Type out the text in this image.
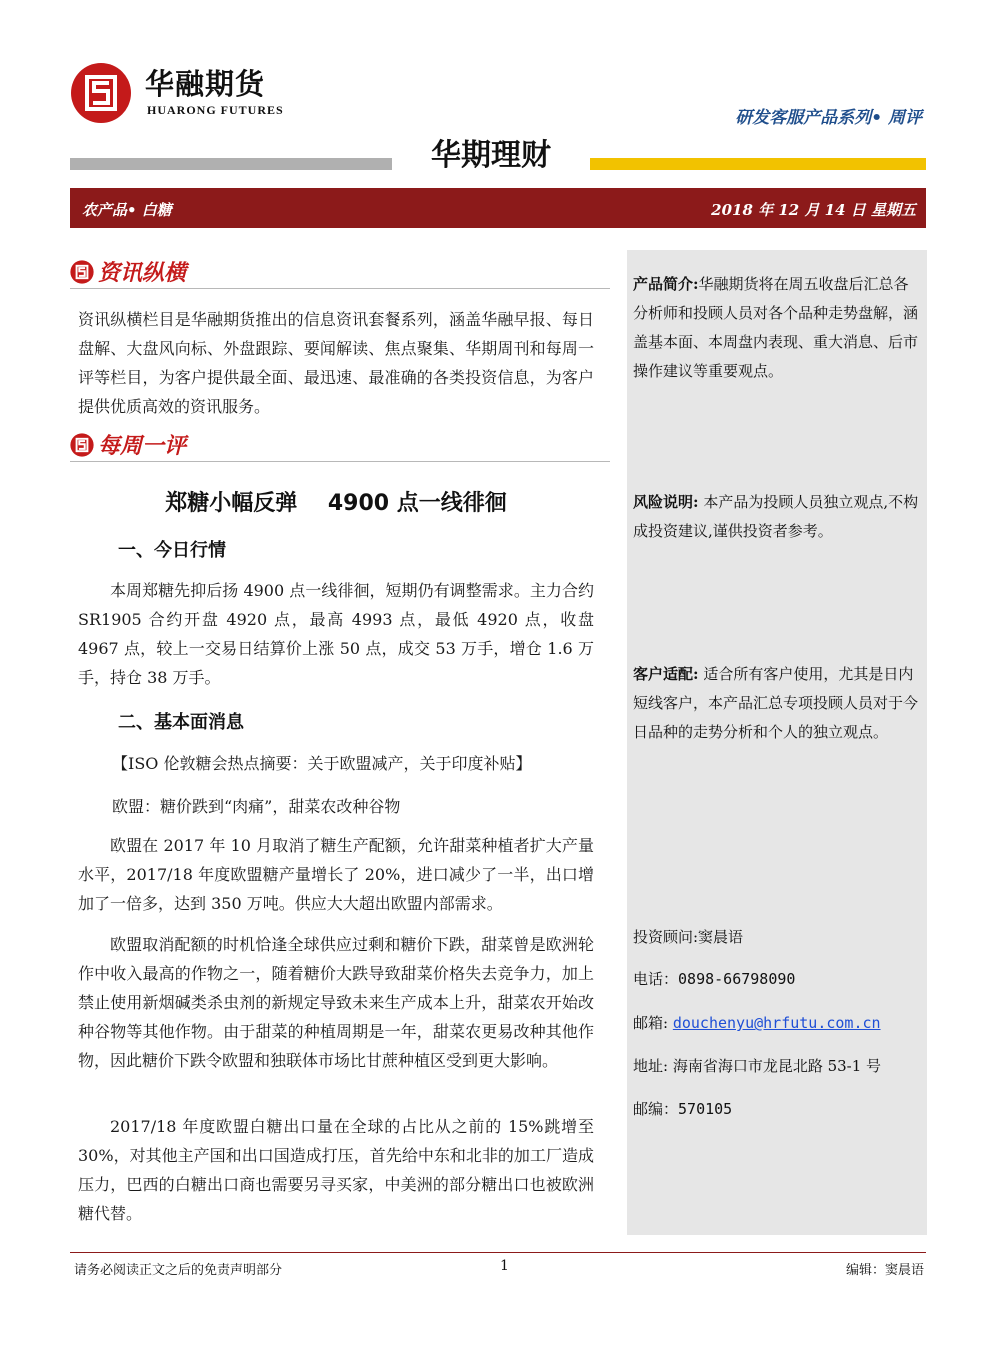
华融期货
HUARONG FUTURES	研发客服产品系列• 周评
华期理财
农产品• 白糖	2018 年 12 月 14 日 星期五
产品简介:华融期货将在周五收盘后汇总各分析师和投顾人员对各个品种走势盘解，涵盖基本面、本周盘内表现、重大消息、后市操作建议等重要观点。
风险说明: 本产品为投顾人员独立观点,不构成投资建议,谨供投资者参考。
客户适配: 适合所有客户使用，尤其是日内短线客户，本产品汇总专项投顾人员对于今日品种的走势分析和个人的独立观点。
投资顾问:窦晨语
电话：0898-66798090
邮箱: douchenyu@hrfutu.com.cn
地址: 海南省海口市龙昆北路 53-1 号
邮编：570105
资讯纵横
资讯纵横栏目是华融期货推出的信息资讯套餐系列，涵盖华融早报、每日盘解、大盘风向标、外盘跟踪、要闻解读、焦点聚集、华期周刊和每周一评等栏目，为客户提供最全面、最迅速、最准确的各类投资信息，为客户提供优质高效的资讯服务。
每周一评
郑糖小幅反弹    4900 点一线徘徊
一、今日行情
本周郑糖先抑后扬 4900 点一线徘徊，短期仍有调整需求。主力合约 SR1905 合约开盘 4920 点，最高 4993 点，最低 4920 点，收盘 4967 点，较上一交易日结算价上涨 50 点，成交 53 万手，增仓 1.6 万手，持仓 38 万手。
二、基本面消息
【ISO 伦敦糖会热点摘要：关于欧盟减产，关于印度补贴】
欧盟：糖价跌到“肉痛”，甜菜农改种谷物
欧盟在 2017 年 10 月取消了糖生产配额，允许甜菜种植者扩大产量水平，2017/18 年度欧盟糖产量增长了 20%，进口减少了一半，出口增加了一倍多，达到 350 万吨。供应大大超出欧盟内部需求。
欧盟取消配额的时机恰逢全球供应过剩和糖价下跌，甜菜曾是欧洲轮作中收入最高的作物之一，随着糖价大跌导致甜菜价格失去竞争力，加上禁止使用新烟碱类杀虫剂的新规定导致未来生产成本上升，甜菜农开始改种谷物等其他作物。由于甜菜的种植周期是一年，甜菜农更易改种其他作物，因此糖价下跌令欧盟和独联体市场比甘蔗种植区受到更大影响。
2017/18 年度欧盟白糖出口量在全球的占比从之前的 15%跳增至 30%，对其他主产国和出口国造成打压，首先给中东和北非的加工厂造成压力，巴西的白糖出口商也需要另寻买家，中美洲的部分糖出口也被欧洲糖代替。
请务必阅读正文之后的免责声明部分	1	编辑：窦晨语
